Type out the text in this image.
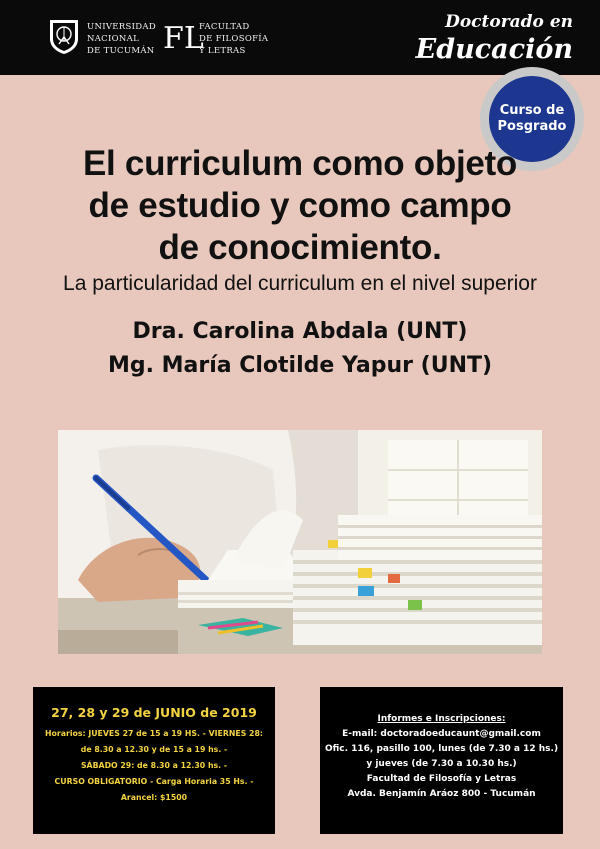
UNIVERSIDAD
NACIONAL
DE TUCUMÁN FL
FACULTAD
DE FILOSOFÍA
Y LETRAS
Doctorado en
Educación
Curso de
Posgrado
El curriculum como objeto
de estudio y como campo
de conocimiento.
La particularidad del curriculum en el nivel superior
Dra. Carolina Abdala (UNT)
Mg. María Clotilde Yapur (UNT)
27, 28 y 29 de JUNIO de 2019
Horarios: JUEVES 27 de 15 a 19 HS. - VIERNES 28:
de 8.30 a 12.30 y de 15 a 19 hs. -
SÁBADO 29: de 8.30 a 12.30 hs. -
CURSO OBLIGATORIO - Carga Horaria 35 Hs. -
Arancel: $1500
Informes e Inscripciones:
E-mail: doctoradoeducaunt@gmail.com
Ofic. 116, pasillo 100, lunes (de 7.30 a 12 hs.)
y jueves (de 7.30 a 10.30 hs.)
Facultad de Filosofía y Letras
Avda. Benjamín Aráoz 800 - Tucumán
